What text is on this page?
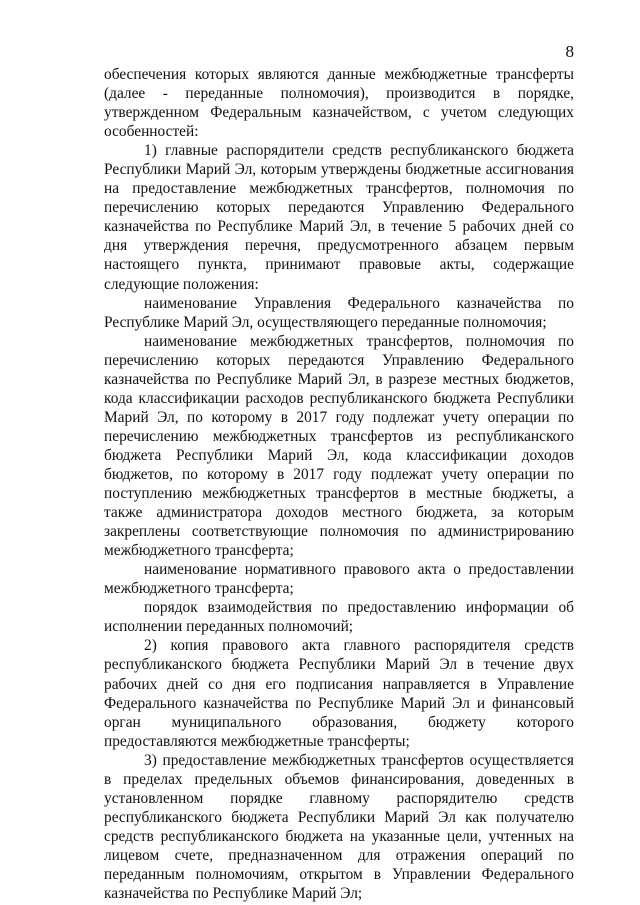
8

обеспечения которых являются данные межбюджетные трансферты (далее - переданные полномочия), производится в порядке, утвержденном Федеральным казначейством, с учетом следующих особенностей:

1) главные распорядители средств республиканского бюджета Республики Марий Эл, которым утверждены бюджетные ассигнования на предоставление межбюджетных трансфертов, полномочия по перечислению которых передаются Управлению Федерального казначейства по Республике Марий Эл, в течение 5 рабочих дней со дня утверждения перечня, предусмотренного абзацем первым настоящего пункта, принимают правовые акты, содержащие следующие положения:

наименование Управления Федерального казначейства по Республике Марий Эл, осуществляющего переданные полномочия;

наименование межбюджетных трансфертов, полномочия по перечислению которых передаются Управлению Федерального казначейства по Республике Марий Эл, в разрезе местных бюджетов, кода классификации расходов республиканского бюджета Республики Марий Эл, по которому в 2017 году подлежат учету операции по перечислению межбюджетных трансфертов из республиканского бюджета Республики Марий Эл, кода классификации доходов бюджетов, по которому в 2017 году подлежат учету операции по поступлению межбюджетных трансфертов в местные бюджеты, а также администратора доходов местного бюджета, за которым закреплены соответствующие полномочия по администрированию межбюджетного трансферта;

наименование нормативного правового акта о предоставлении межбюджетного трансферта;

порядок взаимодействия по предоставлению информации об исполнении переданных полномочий;

2) копия правового акта главного распорядителя средств республиканского бюджета Республики Марий Эл в течение двух рабочих дней со дня его подписания направляется в Управление Федерального казначейства по Республике Марий Эл и финансовый орган муниципального образования, бюджету которого предоставляются межбюджетные трансферты;

3) предоставление межбюджетных трансфертов осуществляется в пределах предельных объемов финансирования, доведенных в установленном порядке главному распорядителю средств республиканского бюджета Республики Марий Эл как получателю средств республиканского бюджета на указанные цели, учтенных на лицевом счете, предназначенном для отражения операций по переданным полномочиям, открытом в Управлении Федерального казначейства по Республике Марий Эл;
